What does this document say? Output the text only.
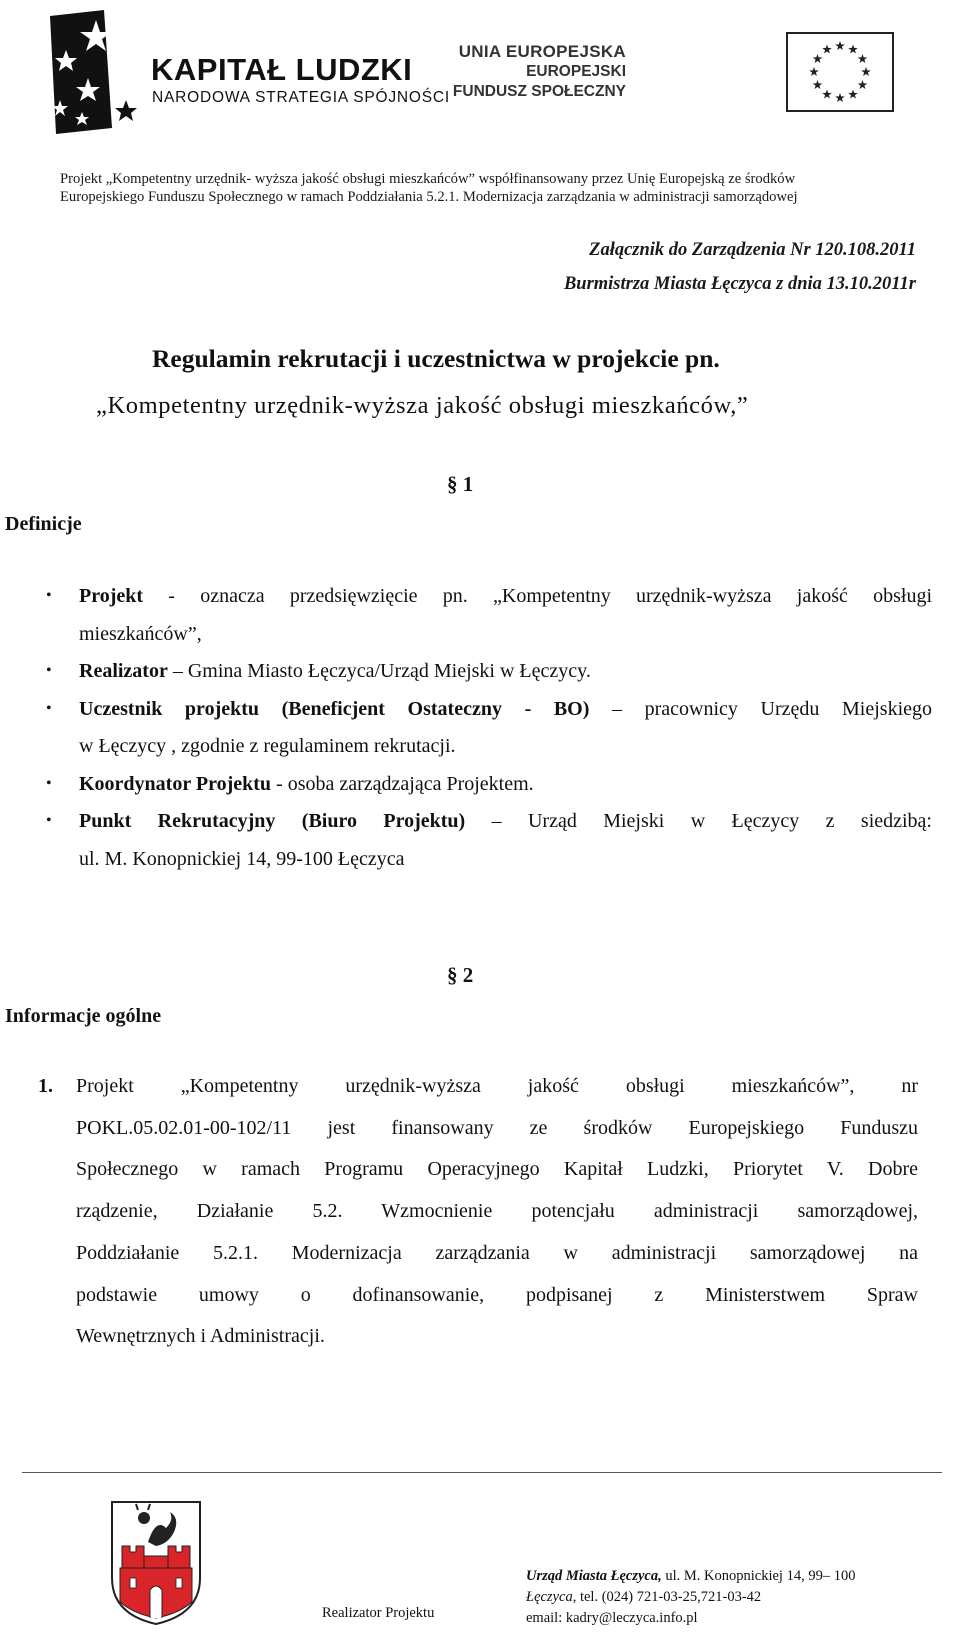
KAPITAŁ LUDZKI
NARODOWA STRATEGIA SPÓJNOŚCI
UNIA EUROPEJSKA
EUROPEJSKI
FUNDUSZ SPOŁECZNY
Projekt „Kompetentny urzędnik- wyższa jakość obsługi mieszkańców” współfinansowany przez Unię Europejską ze środków
Europejskiego Funduszu Społecznego w ramach Poddziałania 5.2.1. Modernizacja zarządzania w administracji samorządowej
Załącznik do Zarządzenia Nr 120.108.2011
Burmistrza Miasta Łęczyca z dnia 13.10.2011r
Regulamin rekrutacji i uczestnictwa w projekcie pn.
„Kompetentny urzędnik-wyższa jakość obsługi mieszkańców,”
§ 1
Definicje
• Projekt - oznacza przedsięwzięcie pn. „Kompetentny urzędnik-wyższa jakość obsługi
mieszkańców”,
• Realizator – Gmina Miasto Łęczyca/Urząd Miejski w Łęczycy.
• Uczestnik projektu (Beneficjent Ostateczny - BO) – pracownicy Urzędu Miejskiego
w Łęczycy , zgodnie z regulaminem rekrutacji.
• Koordynator Projektu - osoba zarządzająca Projektem.
• Punkt Rekrutacyjny (Biuro Projektu) – Urząd Miejski w Łęczycy z siedzibą:
ul. M. Konopnickiej 14, 99-100 Łęczyca
§ 2
Informacje ogólne
1. Projekt „Kompetentny urzędnik-wyższa jakość obsługi mieszkańców”, nr
POKL.05.02.01-00-102/11 jest finansowany ze środków Europejskiego Funduszu
Społecznego w ramach Programu Operacyjnego Kapitał Ludzki, Priorytet V. Dobre
rządzenie, Działanie 5.2. Wzmocnienie potencjału administracji samorządowej,
Poddziałanie 5.2.1. Modernizacja zarządzania w administracji samorządowej na
podstawie umowy o dofinansowanie, podpisanej z Ministerstwem Spraw
Wewnętrznych i Administracji.
Realizator Projektu
Urząd Miasta Łęczyca, ul. M. Konopnickiej 14, 99– 100
Łęczyca, tel. (024) 721-03-25,721-03-42
email: kadry@leczyca.info.pl
